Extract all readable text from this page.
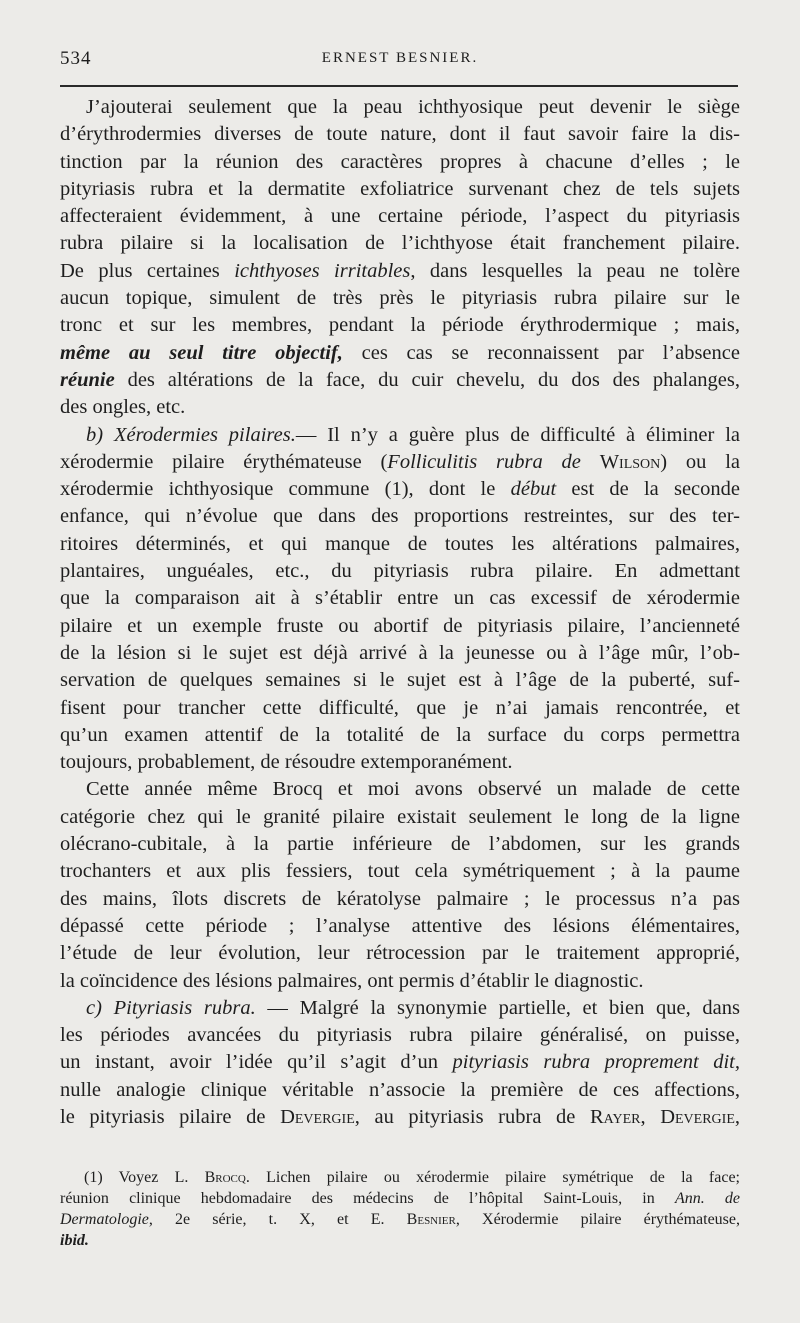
534	ERNEST BESNIER.
J’ajouterai seulement que la peau ichthyosique peut devenir le siège
d’érythrodermies diverses de toute nature, dont il faut savoir faire la dis-
tinction par la réunion des caractères propres à chacune d’elles ; le
pityriasis rubra et la dermatite exfoliatrice survenant chez de tels sujets
affecteraient évidemment, à une certaine période, l’aspect du pityriasis
rubra pilaire si la localisation de l’ichthyose était franchement pilaire.
De plus certaines ichthyoses irritables, dans lesquelles la peau ne tolère
aucun topique, simulent de très près le pityriasis rubra pilaire sur le
tronc et sur les membres, pendant la période érythrodermique ; mais,
même au seul titre objectif, ces cas se reconnaissent par l’absence
réunie des altérations de la face, du cuir chevelu, du dos des phalanges,
des ongles, etc.
b) Xérodermies pilaires.— Il n’y a guère plus de difficulté à éliminer la
xérodermie pilaire érythémateuse (Folliculitis rubra de Wilson) ou la
xérodermie ichthyosique commune (1), dont le début est de la seconde
enfance, qui n’évolue que dans des proportions restreintes, sur des ter-
ritoires déterminés, et qui manque de toutes les altérations palmaires,
plantaires, unguéales, etc., du pityriasis rubra pilaire. En admettant
que la comparaison ait à s’établir entre un cas excessif de xérodermie
pilaire et un exemple fruste ou abortif de pityriasis pilaire, l’ancienneté
de la lésion si le sujet est déjà arrivé à la jeunesse ou à l’âge mûr, l’ob-
servation de quelques semaines si le sujet est à l’âge de la puberté, suf-
fisent pour trancher cette difficulté, que je n’ai jamais rencontrée, et
qu’un examen attentif de la totalité de la surface du corps permettra
toujours, probablement, de résoudre extemporanément.
Cette année même Brocq et moi avons observé un malade de cette
catégorie chez qui le granité pilaire existait seulement le long de la ligne
olécrano-cubitale, à la partie inférieure de l’abdomen, sur les grands
trochanters et aux plis fessiers, tout cela symétriquement ; à la paume
des mains, îlots discrets de kératolyse palmaire ; le processus n’a pas
dépassé cette période ; l’analyse attentive des lésions élémentaires,
l’étude de leur évolution, leur rétrocession par le traitement approprié,
la coïncidence des lésions palmaires, ont permis d’établir le diagnostic.
c) Pityriasis rubra. — Malgré la synonymie partielle, et bien que, dans
les périodes avancées du pityriasis rubra pilaire généralisé, on puisse,
un instant, avoir l’idée qu’il s’agit d’un pityriasis rubra proprement dit,
nulle analogie clinique véritable n’associe la première de ces affections,
le pityriasis pilaire de Devergie, au pityriasis rubra de Rayer, Devergie,
(1) Voyez L. Brocq. Lichen pilaire ou xérodermie pilaire symétrique de la face;
réunion clinique hebdomadaire des médecins de l’hôpital Saint-Louis, in Ann. de
Dermatologie, 2e série, t. X, et E. Besnier, Xérodermie pilaire érythémateuse,
ibid.
